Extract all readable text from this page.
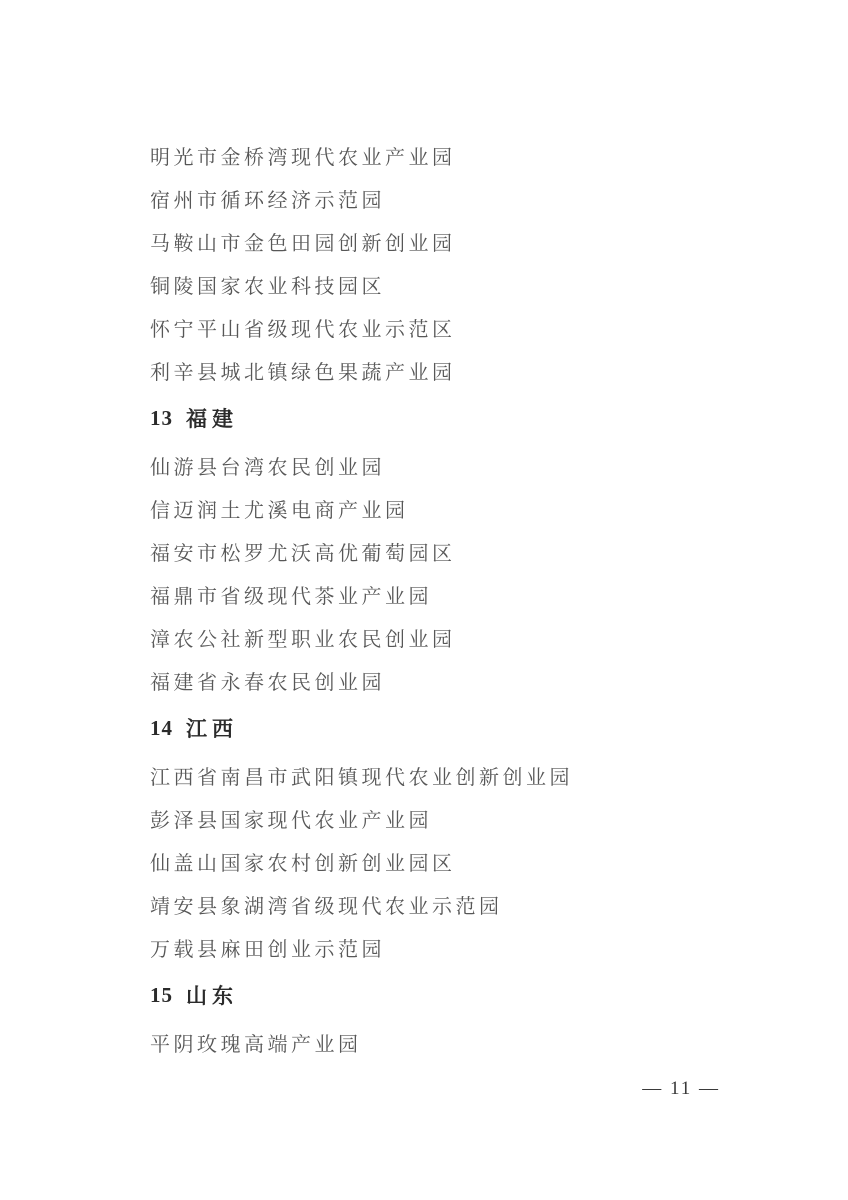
明光市金桥湾现代农业产业园
宿州市循环经济示范园
马鞍山市金色田园创新创业园
铜陵国家农业科技园区
怀宁平山省级现代农业示范区
利辛县城北镇绿色果蔬产业园
13 福建
仙游县台湾农民创业园
信迈润土尤溪电商产业园
福安市松罗尤沃高优葡萄园区
福鼎市省级现代茶业产业园
漳农公社新型职业农民创业园
福建省永春农民创业园
14 江西
江西省南昌市武阳镇现代农业创新创业园
彭泽县国家现代农业产业园
仙盖山国家农村创新创业园区
靖安县象湖湾省级现代农业示范园
万载县麻田创业示范园
15 山东
平阴玫瑰高端产业园
— 11 —
